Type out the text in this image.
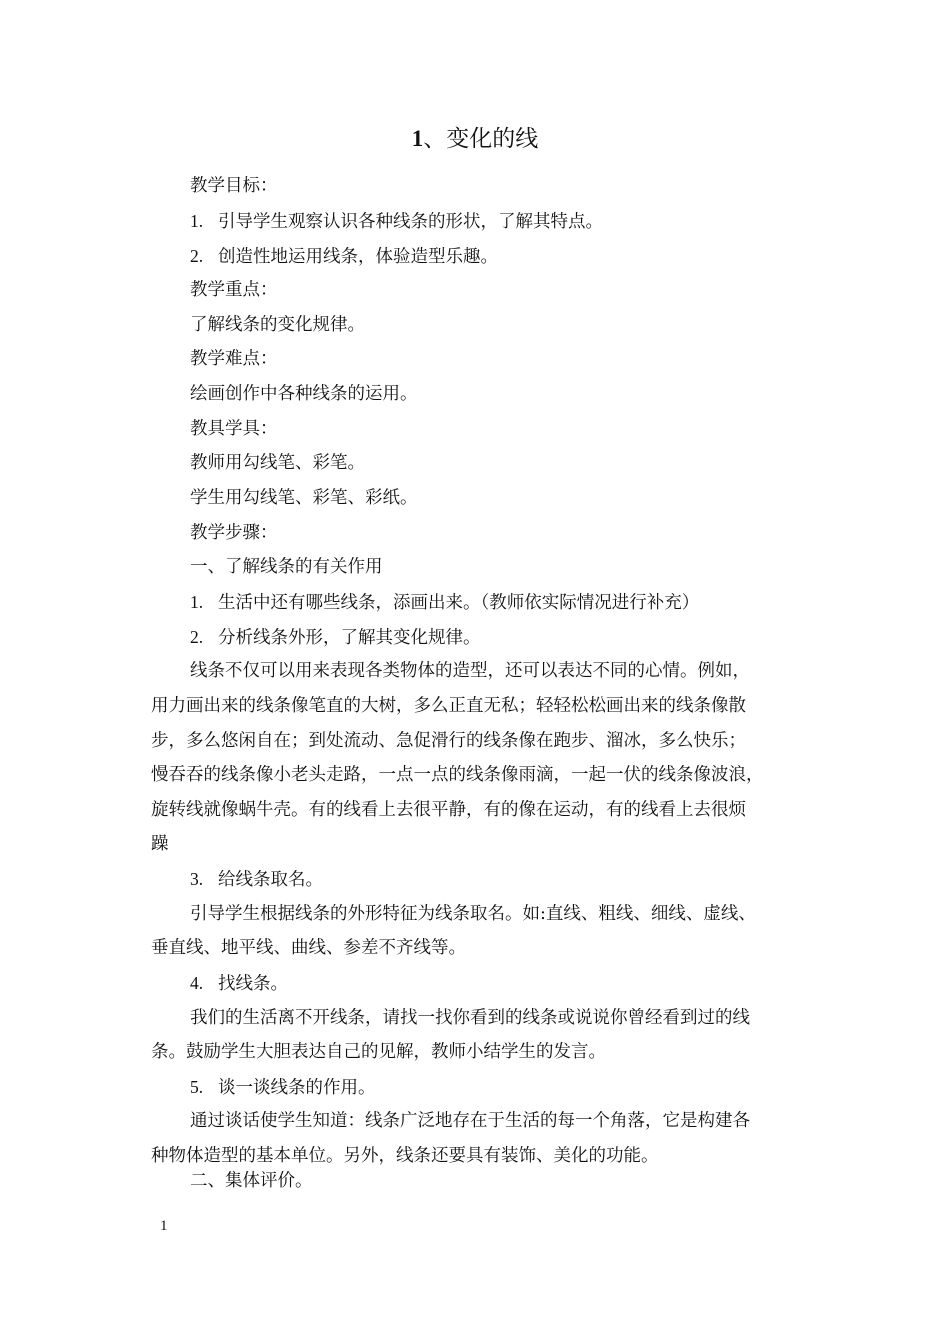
1、变化的线
教学目标：
1. 引导学生观察认识各种线条的形状，了解其特点。
2. 创造性地运用线条，体验造型乐趣。
教学重点：
了解线条的变化规律。
教学难点：
绘画创作中各种线条的运用。
教具学具：
教师用勾线笔、彩笔。
学生用勾线笔、彩笔、彩纸。
教学步骤：
一、了解线条的有关作用
1. 生活中还有哪些线条，添画出来。（教师依实际情况进行补充）
2. 分析线条外形，了解其变化规律。
线条不仅可以用来表现各类物体的造型，还可以表达不同的心情。例如，
用力画出来的线条像笔直的大树，多么正直无私；轻轻松松画出来的线条像散
步，多么悠闲自在；到处流动、急促滑行的线条像在跑步、溜冰，多么快乐；
慢吞吞的线条像小老头走路，一点一点的线条像雨滴，一起一伏的线条像波浪，
旋转线就像蜗牛壳。有的线看上去很平静，有的像在运动，有的线看上去很烦
躁
3. 给线条取名。
引导学生根据线条的外形特征为线条取名。如:直线、粗线、细线、虚线、
垂直线、地平线、曲线、参差不齐线等。
4. 找线条。
我们的生活离不开线条，请找一找你看到的线条或说说你曾经看到过的线
条。鼓励学生大胆表达自己的见解，教师小结学生的发言。
5. 谈一谈线条的作用。
通过谈话使学生知道：线条广泛地存在于生活的每一个角落，它是构建各
种物体造型的基本单位。另外，线条还要具有装饰、美化的功能。
二、集体评价。
1
